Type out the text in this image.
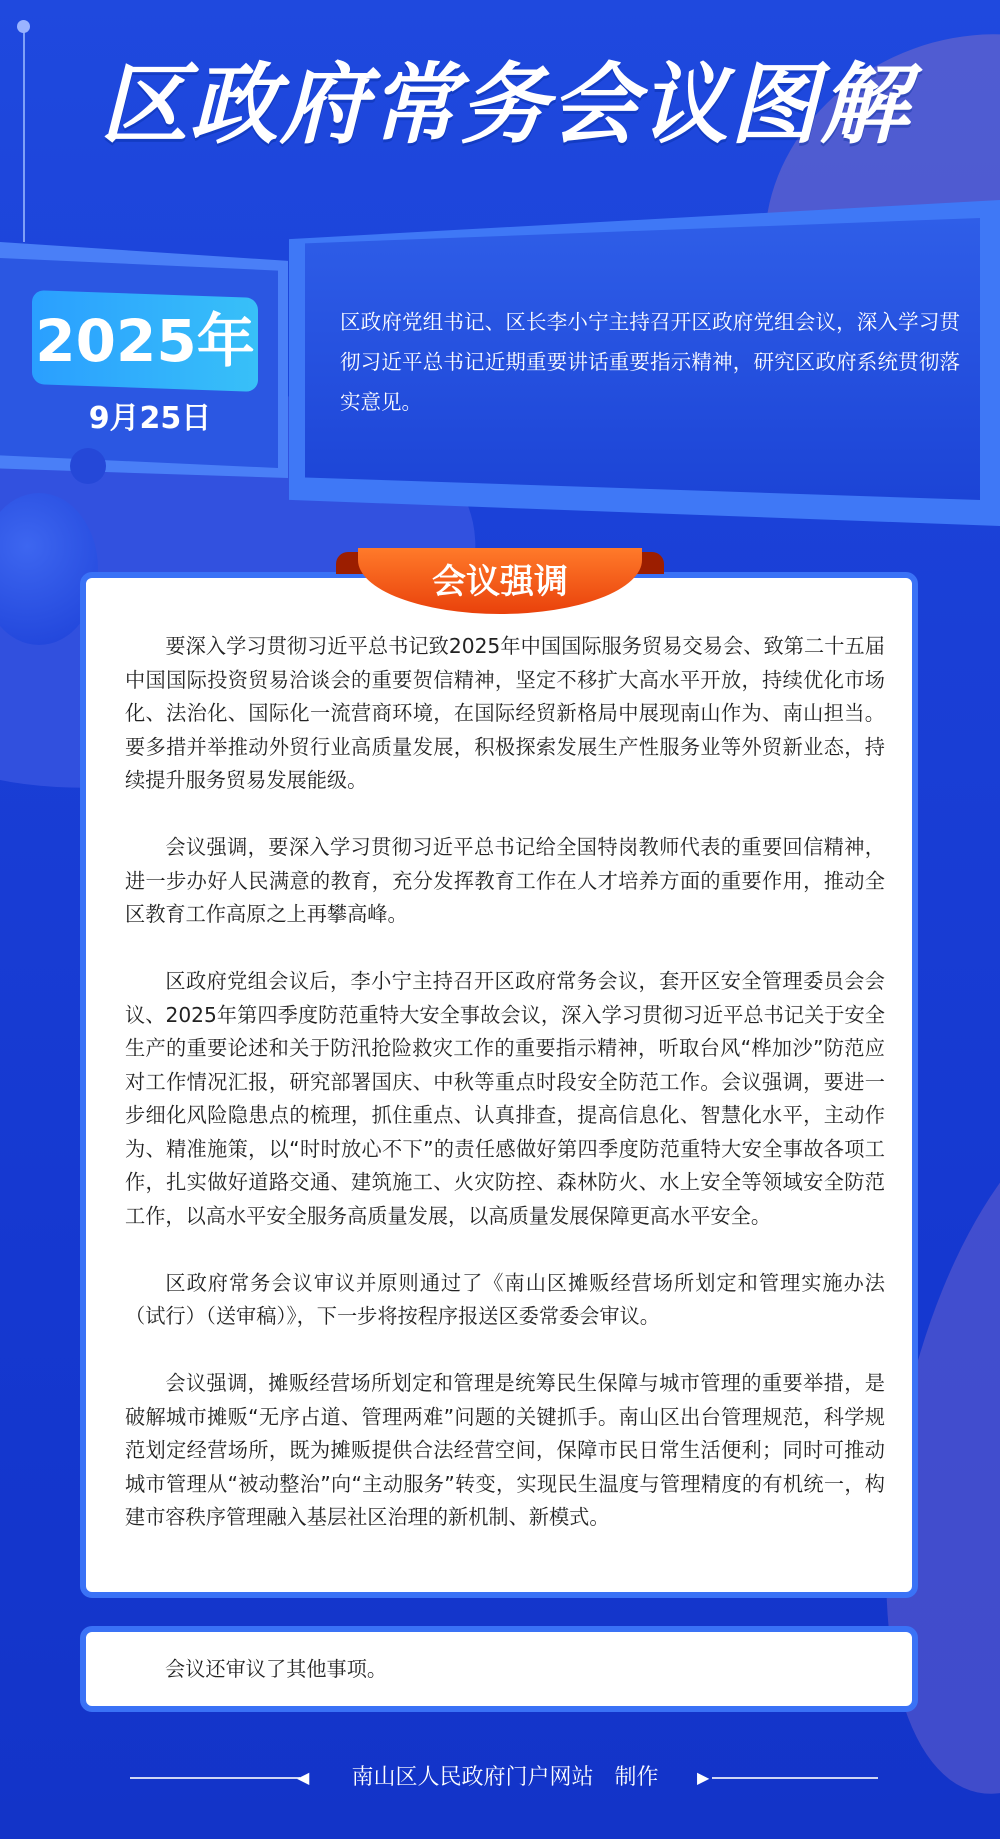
区政府常务会议图解
2025年
9月25日
区政府党组书记、区长李小宁主持召开区政府党组会议，深入学习贯彻习近平总书记近期重要讲话重要指示精神，研究区政府系统贯彻落实意见。
会议强调

要深入学习贯彻习近平总书记致2025年中国国际服务贸易交易会、致第二十五届中国国际投资贸易洽谈会的重要贺信精神，坚定不移扩大高水平开放，持续优化市场化、法治化、国际化一流营商环境，在国际经贸新格局中展现南山作为、南山担当。要多措并举推动外贸行业高质量发展，积极探索发展生产性服务业等外贸新业态，持续提升服务贸易发展能级。

会议强调，要深入学习贯彻习近平总书记给全国特岗教师代表的重要回信精神，进一步办好人民满意的教育，充分发挥教育工作在人才培养方面的重要作用，推动全区教育工作高原之上再攀高峰。

区政府党组会议后，李小宁主持召开区政府常务会议，套开区安全管理委员会会议、2025年第四季度防范重特大安全事故会议，深入学习贯彻习近平总书记关于安全生产的重要论述和关于防汛抢险救灾工作的重要指示精神，听取台风“桦加沙”防范应对工作情况汇报，研究部署国庆、中秋等重点时段安全防范工作。会议强调，要进一步细化风险隐患点的梳理，抓住重点、认真排查，提高信息化、智慧化水平，主动作为、精准施策，以“时时放心不下”的责任感做好第四季度防范重特大安全事故各项工作，扎实做好道路交通、建筑施工、火灾防控、森林防火、水上安全等领域安全防范工作，以高水平安全服务高质量发展，以高质量发展保障更高水平安全。

区政府常务会议审议并原则通过了《南山区摊贩经营场所划定和管理实施办法（试行）（送审稿）》，下一步将按程序报送区委常委会审议。

会议强调，摊贩经营场所划定和管理是统筹民生保障与城市管理的重要举措，是破解城市摊贩“无序占道、管理两难”问题的关键抓手。南山区出台管理规范，科学规范划定经营场所，既为摊贩提供合法经营空间，保障市民日常生活便利；同时可推动城市管理从“被动整治”向“主动服务”转变，实现民生温度与管理精度的有机统一，构建市容秩序管理融入基层社区治理的新机制、新模式。

会议还审议了其他事项。
◀	南山区人民政府门户网站 制作	▶
